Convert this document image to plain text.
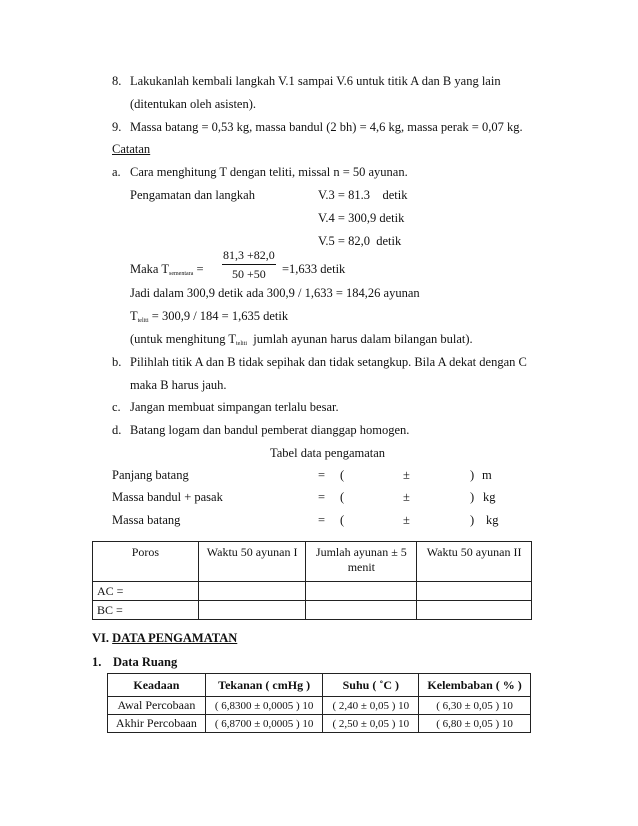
8. Lakukanlah kembali langkah V.1 sampai V.6 untuk titik A dan B yang lain
(ditentukan oleh asisten).
9. Massa batang = 0,53 kg, massa bandul (2 bh) = 4,6 kg, massa perak = 0,07 kg.
Catatan
a. Cara menghitung T dengan teliti, missal n = 50 ayunan.
Pengamatan dan langkah	V.3 = 81.3    detik
V.4 = 300,9 detik
V.5 = 82,0  detik
Maka $T_{sementara} = \frac{81,3 +82,0}{50 +50} =1,633$ detik
Jadi dalam 300,9 detik ada 300,9 / 1,633 = 184,26 ayunan
$T_{teliti} = 300,9 / 184 = 1,635$ detik
(untuk menghitung $T_{teliti}$  jumlah ayunan harus dalam bilangan bulat).
b. Pilihlah titik A dan B tidak sepihak dan tidak setangkup. Bila A dekat dengan C
maka B harus jauh.
c. Jangan membuat simpangan terlalu besar.
d. Batang logam dan bandul pemberat dianggap homogen.
Tabel data pengamatan
Panjang batang	= (	±	) m
Massa bandul + pasak	= (	±	) kg
Massa batang	= (	±	) kg
Poros	Waktu 50 ayunan I	Jumlah ayunan ± 5
menit	Waktu 50 ayunan II
AC =			
BC =			
VI. DATA PENGAMATAN
1. Data Ruang
Keadaan	Tekanan ( cmHg )	Suhu ( ˚C )	Kelembaban ( % )
Awal Percobaan	( 6,8300 ± 0,0005 ) 10	( 2,40 ± 0,05 ) 10	( 6,30 ± 0,05 ) 10
Akhir Percobaan	( 6,8700 ± 0,0005 ) 10	( 2,50 ± 0,05 ) 10	( 6,80 ± 0,05 ) 10
